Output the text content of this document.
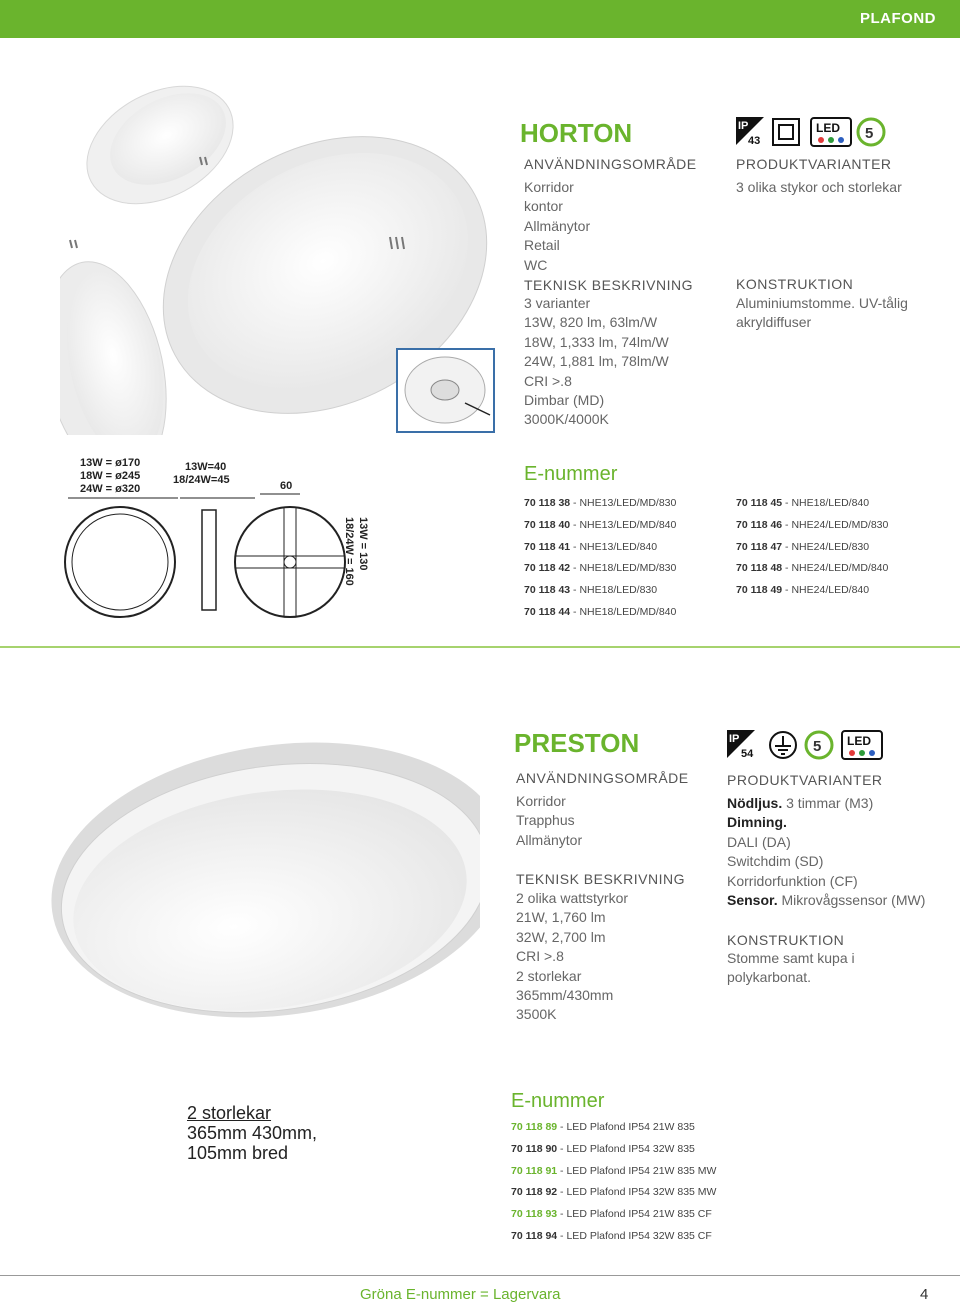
PLAFOND
HORTON
ANVÄNDNINGSOMRÅDE
Korridor
kontor
Allmänytor
Retail
WC
TEKNISK BESKRIVNING
3 varianter
13W, 820 lm, 63lm/W
18W, 1,333 lm, 74lm/W
24W, 1,881 lm, 78lm/W
CRI >.8
Dimbar (MD)
3000K/4000K
IP
43
LED 5
PRODUKTVARIANTER
3 olika stykor och storlekar
KONSTRUKTION
Aluminiumstomme. UV-tålig akryldiffuser
13W = ø170
18W = ø245
24W = ø320
13W=40
18/24W=45	60
13W = 130
18/24W = 160
E-nummer
70 118 38 - NHE13/LED/MD/830
70 118 40 - NHE13/LED/MD/840
70 118 41 - NHE13/LED/840
70 118 42 - NHE18/LED/MD/830
70 118 43 - NHE18/LED/830
70 118 44 - NHE18/LED/MD/840
70 118 45 - NHE18/LED/840
70 118 46 - NHE24/LED/MD/830
70 118 47 - NHE24/LED/830
70 118 48 - NHE24/LED/MD/840
70 118 49 - NHE24/LED/840
PRESTON
ANVÄNDNINGSOMRÅDE
Korridor
Trapphus
Allmänytor
TEKNISK BESKRIVNING
2 olika wattstyrkor
21W, 1,760 lm
32W, 2,700 lm
CRI >.8
2 storlekar
365mm/430mm
3500K
IP
54	5 LED
PRODUKTVARIANTER
Nödljus. 3 timmar (M3)
Dimning.
DALI (DA)
Switchdim (SD)
Korridorfunktion (CF)
Sensor. Mikrovågssensor (MW)
KONSTRUKTION
Stomme samt kupa i
polykarbonat.
2 storlekar
365mm 430mm,
105mm bred
E-nummer
70 118 89 - LED Plafond IP54 21W 835
70 118 90 - LED Plafond IP54 32W 835
70 118 91 - LED Plafond IP54 21W 835 MW
70 118 92 - LED Plafond IP54 32W 835 MW
70 118 93 - LED Plafond IP54 21W 835 CF
70 118 94 - LED Plafond IP54 32W 835 CF
Gröna E-nummer = Lagervara	4
